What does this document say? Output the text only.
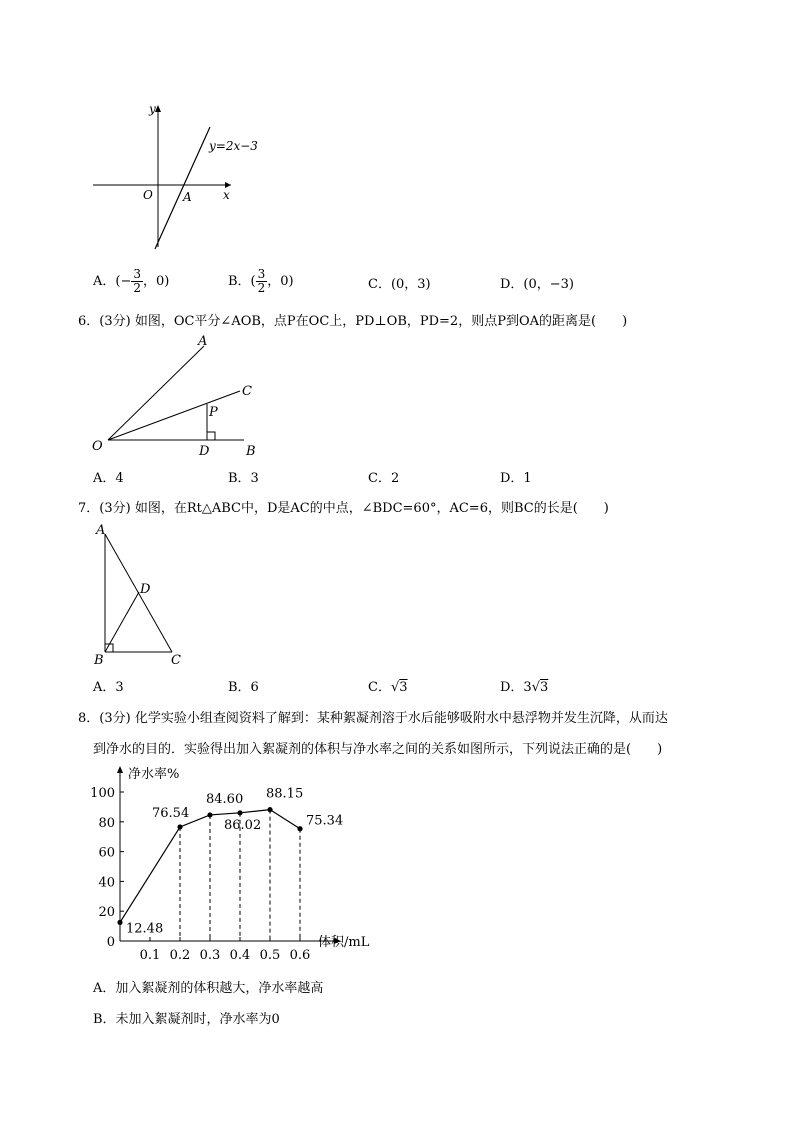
y
x
O	A
y=2x−3
A．(− $\frac{3}{2}$ ，0)	B．( $\frac{3}{2}$ ，0)	C．(0，3)	D．(0，−3)
6．(3分) 如图，OC平分∠AOB，点P在OC上，PD⊥OB，PD=2，则点P到OA的距离是(　　)
A
C
P
O	D	B
A．4	B．3	C．2	D．1
7．(3分) 如图，在Rt△ABC中，D是AC的中点，∠BDC=60°，AC=6，则BC的长是(　　)
A
D
B	C
A．3	B．6	C．√3	D．3√3
8．(3分) 化学实验小组查阅资料了解到：某种絮凝剂溶于水后能够吸附水中悬浮物并发生沉降，从而达
到净水的目的．实验得出加入絮凝剂的体积与净水率之间的关系如图所示，下列说法正确的是(　　)
0
20
40
60
80
100
0.1 0.2 0.3 0.4 0.5 0.6
12.48
76.54
84.60
86.02
88.15
75.34
净水率%
体积/mL
A．加入絮凝剂的体积越大，净水率越高
B．未加入絮凝剂时，净水率为0
